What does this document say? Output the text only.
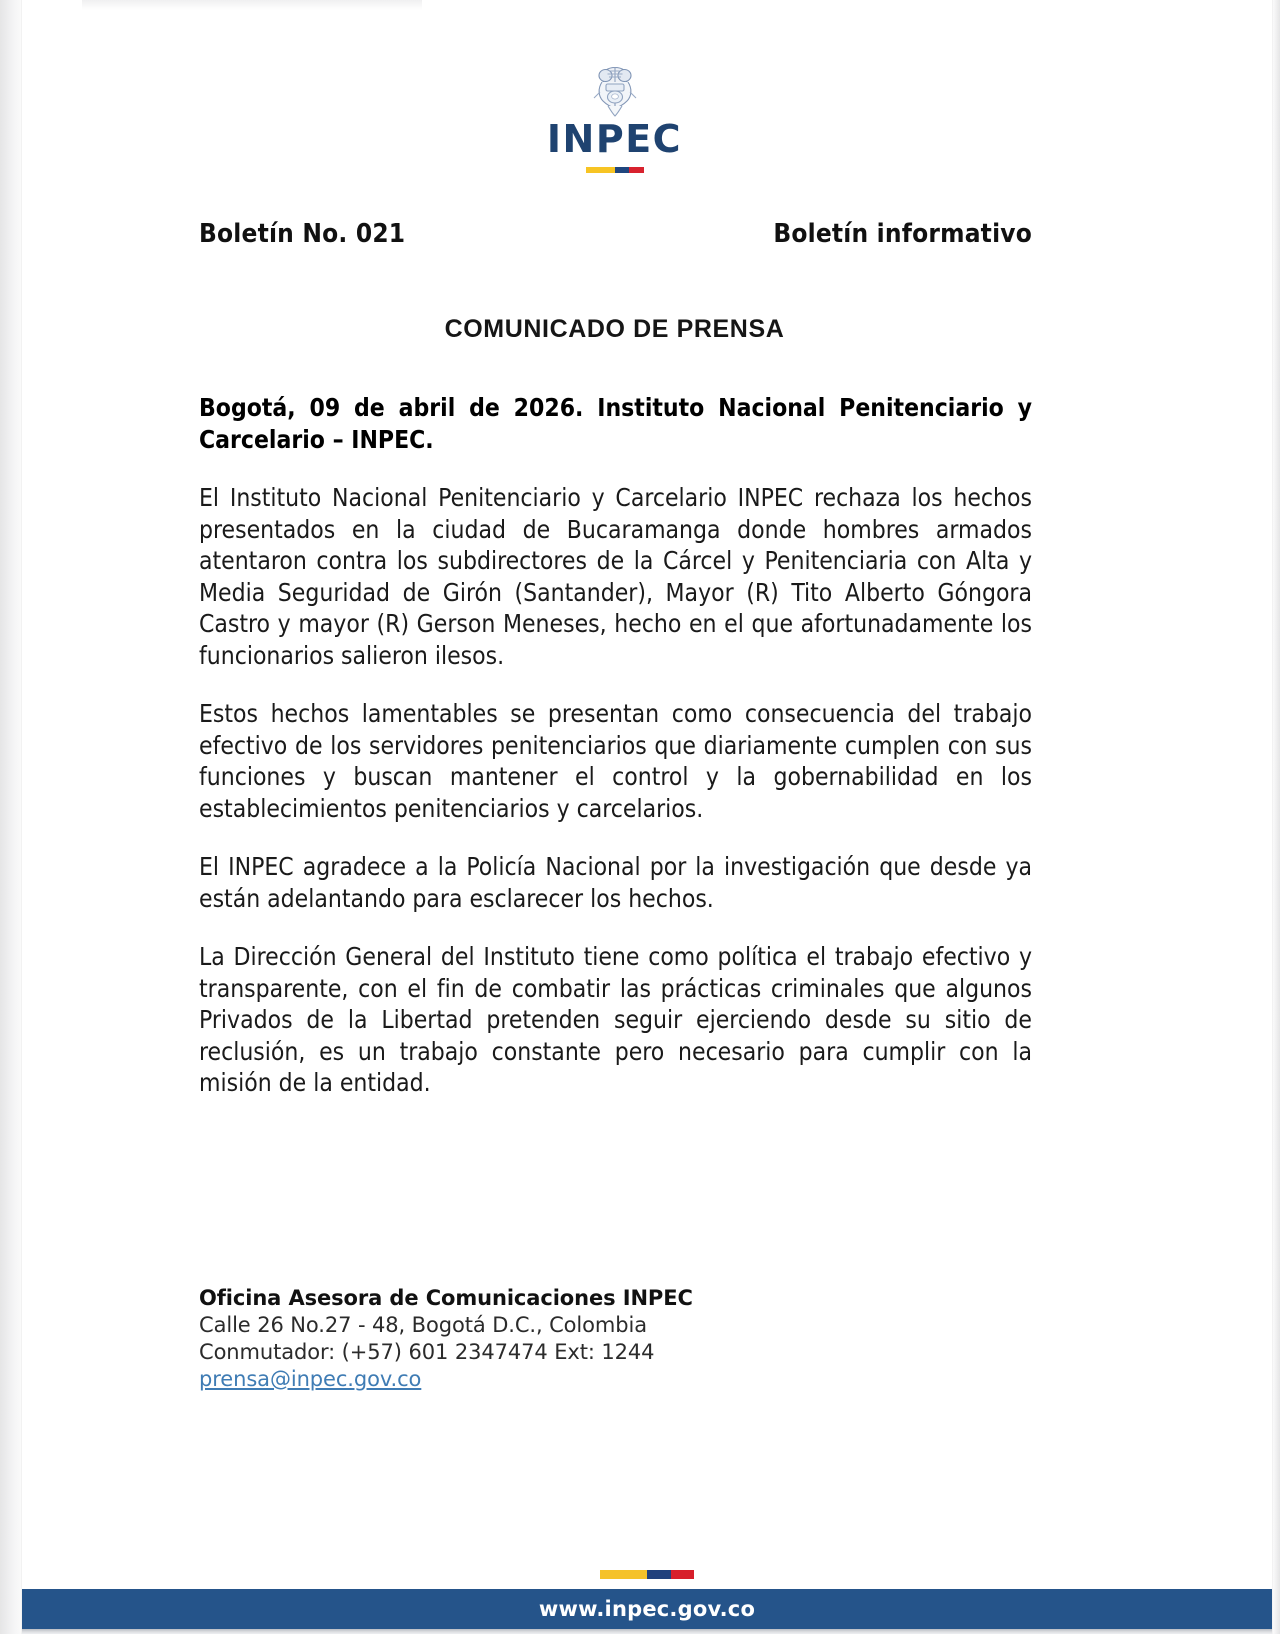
INPEC
Boletín No. 021	Boletín informativo
COMUNICADO DE PRENSA

Bogotá, 09 de abril de 2026. Instituto Nacional Penitenciario y Carcelario – INPEC.

El Instituto Nacional Penitenciario y Carcelario INPEC rechaza los hechos presentados en la ciudad de Bucaramanga donde hombres armados atentaron contra los subdirectores de la Cárcel y Penitenciaria con Alta y Media Seguridad de Girón (Santander), Mayor (R) Tito Alberto Góngora Castro y mayor (R) Gerson Meneses, hecho en el que afortunadamente los funcionarios salieron ilesos.

Estos hechos lamentables se presentan como consecuencia del trabajo efectivo de los servidores penitenciarios que diariamente cumplen con sus funciones y buscan mantener el control y la gobernabilidad en los establecimientos penitenciarios y carcelarios.

El INPEC agradece a la Policía Nacional por la investigación que desde ya están adelantando para esclarecer los hechos.

La Dirección General del Instituto tiene como política el trabajo efectivo y transparente, con el fin de combatir las prácticas criminales que algunos Privados de la Libertad pretenden seguir ejerciendo desde su sitio de reclusión, es un trabajo constante pero necesario para cumplir con la misión de la entidad.

Oficina Asesora de Comunicaciones INPEC
Calle 26 No.27 - 48, Bogotá D.C., Colombia
Conmutador: (+57) 601 2347474 Ext: 1244
prensa@inpec.gov.co
www.inpec.gov.co
